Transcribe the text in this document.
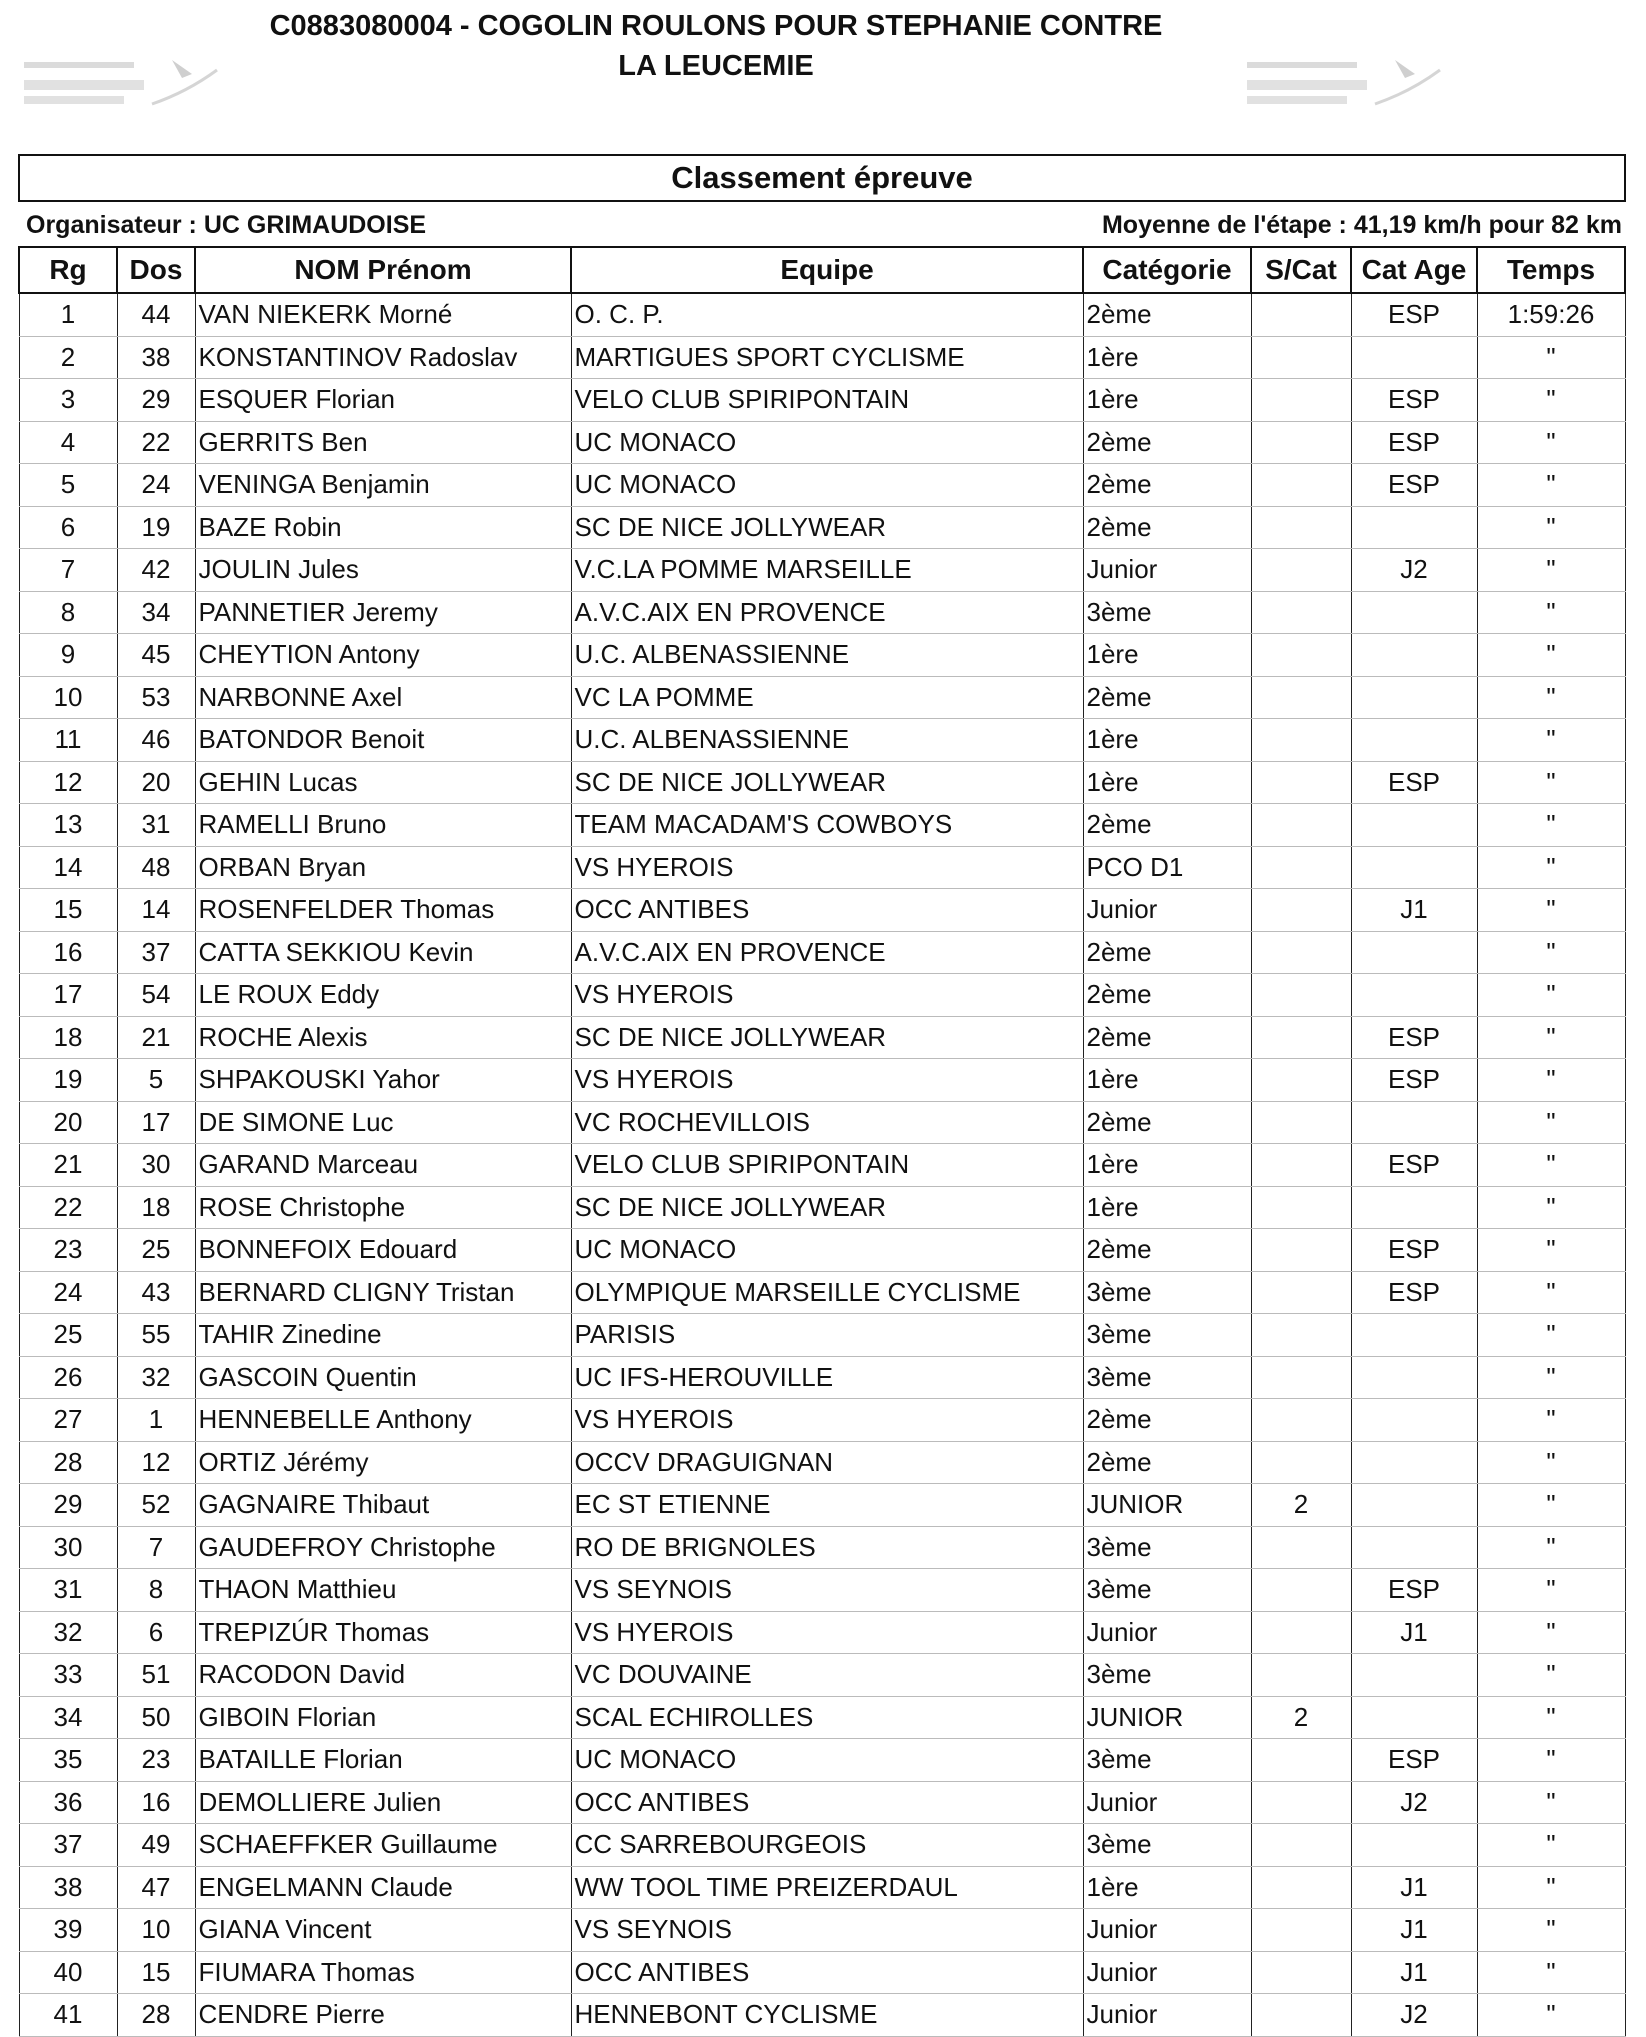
C0883080004 - COGOLIN ROULONS POUR STEPHANIE CONTRE
LA LEUCEMIE
Classement épreuve
Organisateur : UC GRIMAUDOISE	Moyenne de l'étape : 41,19 km/h pour 82 km
Rg	Dos	NOM Prénom	Equipe	Catégorie	S/Cat	Cat Age	Temps
1	44	VAN NIEKERK Morné	O. C. P.	2ème		ESP	1:59:26
2	38	KONSTANTINOV Radoslav	MARTIGUES SPORT CYCLISME	1ère			"
3	29	ESQUER Florian	VELO CLUB SPIRIPONTAIN	1ère		ESP	"
4	22	GERRITS Ben	UC MONACO	2ème		ESP	"
5	24	VENINGA Benjamin	UC MONACO	2ème		ESP	"
6	19	BAZE Robin	SC DE NICE JOLLYWEAR	2ème			"
7	42	JOULIN Jules	V.C.LA POMME MARSEILLE	Junior		J2	"
8	34	PANNETIER Jeremy	A.V.C.AIX EN PROVENCE	3ème			"
9	45	CHEYTION Antony	U.C. ALBENASSIENNE	1ère			"
10	53	NARBONNE Axel	VC LA POMME	2ème			"
11	46	BATONDOR Benoit	U.C. ALBENASSIENNE	1ère			"
12	20	GEHIN Lucas	SC DE NICE JOLLYWEAR	1ère		ESP	"
13	31	RAMELLI Bruno	TEAM MACADAM'S COWBOYS	2ème			"
14	48	ORBAN Bryan	VS HYEROIS	PCO D1			"
15	14	ROSENFELDER Thomas	OCC ANTIBES	Junior		J1	"
16	37	CATTA SEKKIOU Kevin	A.V.C.AIX EN PROVENCE	2ème			"
17	54	LE ROUX Eddy	VS HYEROIS	2ème			"
18	21	ROCHE Alexis	SC DE NICE JOLLYWEAR	2ème		ESP	"
19	5	SHPAKOUSKI Yahor	VS HYEROIS	1ère		ESP	"
20	17	DE SIMONE Luc	VC ROCHEVILLOIS	2ème			"
21	30	GARAND Marceau	VELO CLUB SPIRIPONTAIN	1ère		ESP	"
22	18	ROSE Christophe	SC DE NICE JOLLYWEAR	1ère			"
23	25	BONNEFOIX Edouard	UC MONACO	2ème		ESP	"
24	43	BERNARD CLIGNY Tristan	OLYMPIQUE MARSEILLE CYCLISME	3ème		ESP	"
25	55	TAHIR Zinedine	PARISIS	3ème			"
26	32	GASCOIN Quentin	UC IFS-HEROUVILLE	3ème			"
27	1	HENNEBELLE Anthony	VS HYEROIS	2ème			"
28	12	ORTIZ Jérémy	OCCV DRAGUIGNAN	2ème			"
29	52	GAGNAIRE Thibaut	EC ST ETIENNE	JUNIOR	2		"
30	7	GAUDEFROY Christophe	RO DE BRIGNOLES	3ème			"
31	8	THAON Matthieu	VS SEYNOIS	3ème		ESP	"
32	6	TREPIZÚR Thomas	VS HYEROIS	Junior		J1	"
33	51	RACODON David	VC DOUVAINE	3ème			"
34	50	GIBOIN Florian	SCAL ECHIROLLES	JUNIOR	2		"
35	23	BATAILLE Florian	UC MONACO	3ème		ESP	"
36	16	DEMOLLIERE Julien	OCC ANTIBES	Junior		J2	"
37	49	SCHAEFFKER Guillaume	CC SARREBOURGEOIS	3ème			"
38	47	ENGELMANN Claude	WW TOOL TIME PREIZERDAUL	1ère		J1	"
39	10	GIANA Vincent	VS SEYNOIS	Junior		J1	"
40	15	FIUMARA Thomas	OCC ANTIBES	Junior		J1	"
41	28	CENDRE Pierre	HENNEBONT CYCLISME	Junior		J2	"
